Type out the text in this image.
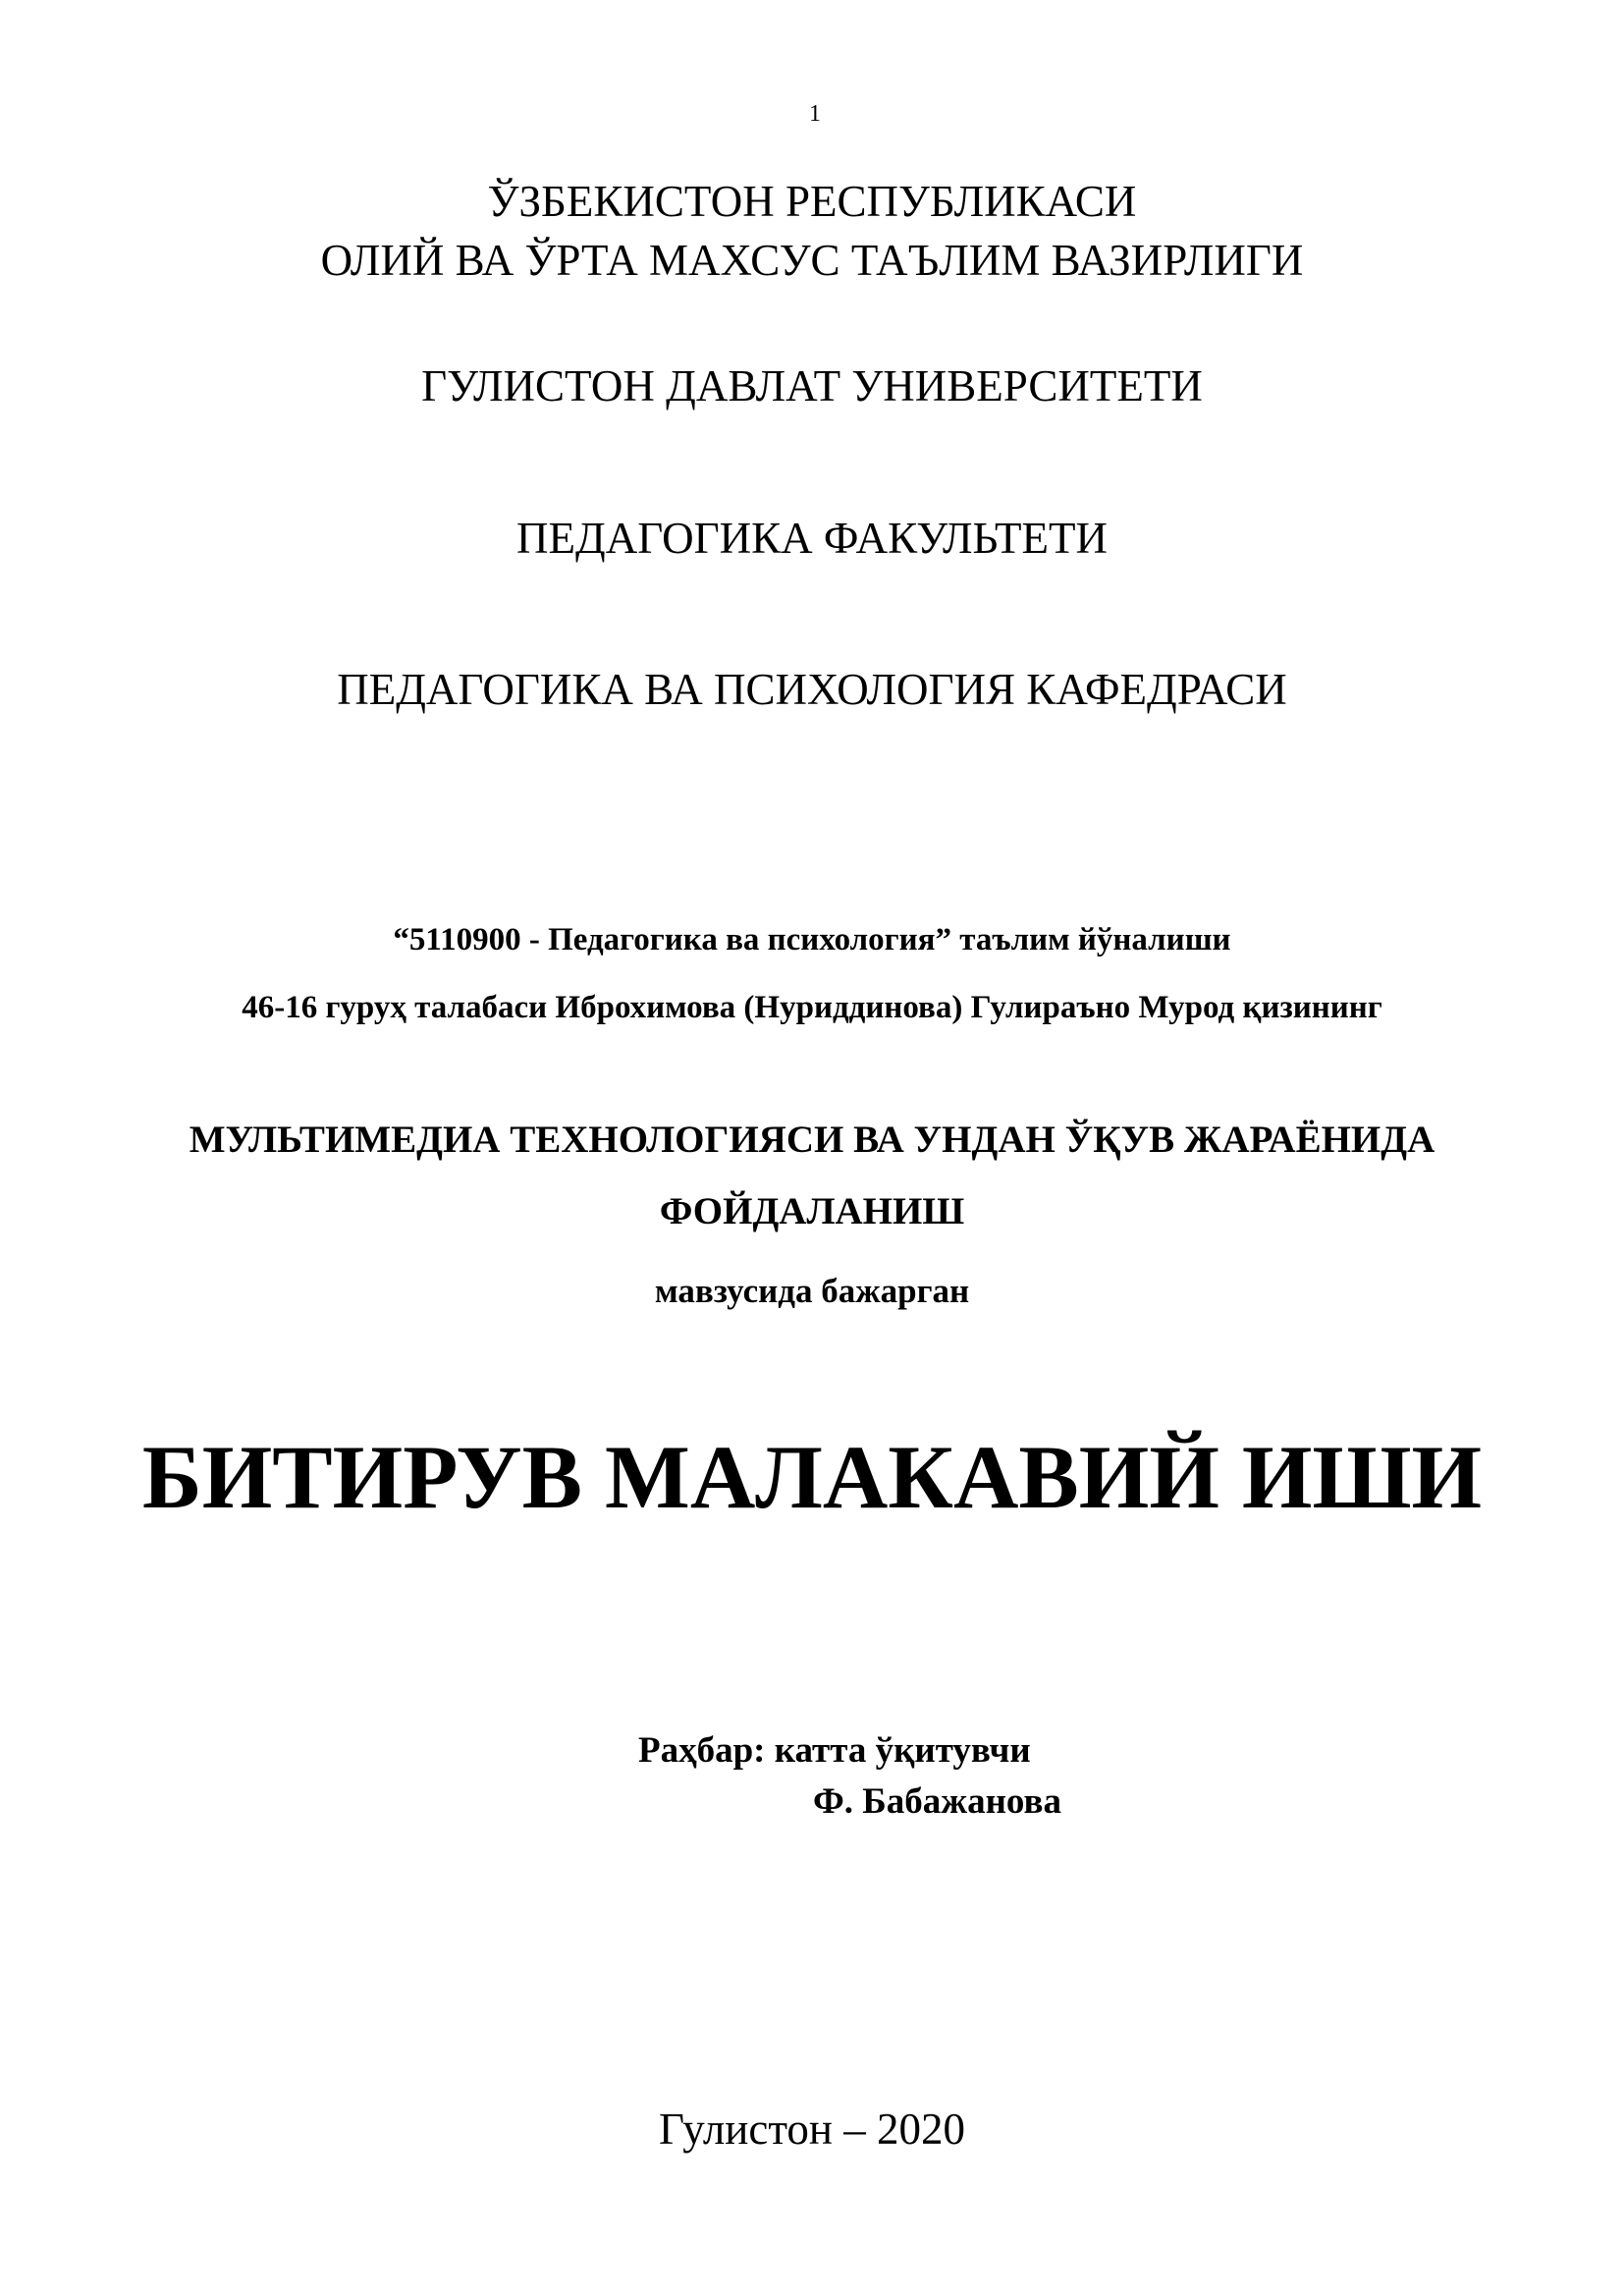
1
ЎЗБЕКИСТОН РЕСПУБЛИКАСИ
ОЛИЙ ВА ЎРТА МАХСУС ТАЪЛИМ ВАЗИРЛИГИ
ГУЛИСТОН ДАВЛАТ УНИВЕРСИТЕТИ
ПЕДАГОГИКА ФАКУЛЬТЕТИ
ПЕДАГОГИКА ВА ПСИХОЛОГИЯ КАФЕДРАСИ
“5110900 - Педагогика ва психология” таълим йўналиши
46-16 гуруҳ талабаси Иброхимова (Нуриддинова) Гулираъно Мурод қизининг
МУЛЬТИМЕДИА ТЕХНОЛОГИЯСИ ВА УНДАН ЎҚУВ ЖАРАЁНИДА
ФОЙДАЛАНИШ
мавзусида бажарган
БИТИРУВ МАЛАКАВИЙ ИШИ
Раҳбар: катта ўқитувчи
Ф. Бабажанова
Гулистон – 2020
